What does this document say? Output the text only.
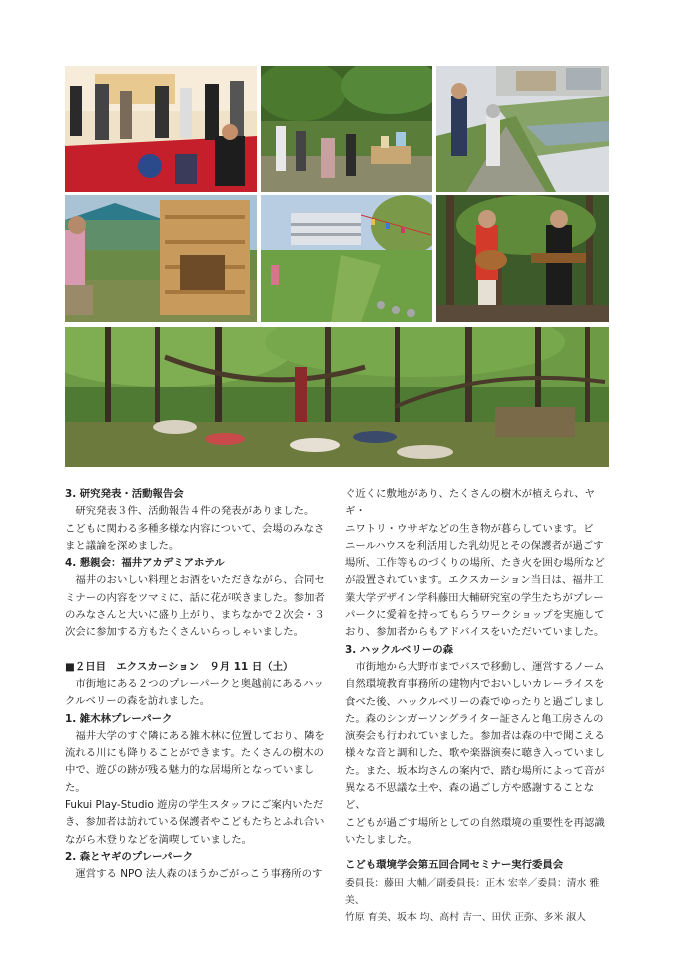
3. 研究発表・活動報告会

研究発表３件、活動報告４件の発表がありました。

こどもに関わる多種多様な内容について、会場のみなさ

まと議論を深めました。

4. 懇親会：福井アカデミアホテル

福井のおいしい料理とお酒をいただきながら、合同セ

ミナーの内容をツマミに、話に花が咲きました。参加者

のみなさんと大いに盛り上がり、まちなかで２次会・３

次会に参加する方もたくさんいらっしゃいました。

■２日目　エクスカーション　９月 11 日（土）

市街地にある２つのプレーパークと奥越前にあるハッ

クルベリーの森を訪れました。

1. 雑木林プレーパーク

福井大学のすぐ隣にある雑木林に位置しており、隣を

流れる川にも降りることができます。たくさんの樹木の

中で、遊びの跡が残る魅力的な居場所となっていました。

Fukui Play-Studio 遊房の学生スタッフにご案内いただ

き、参加者は訪れている保護者やこどもたちとふれ合い

ながら木登りなどを満喫していました。

2. 森とヤギのプレーパーク

運営する NPO 法人森のほうかごがっこう事務所のす

ぐ近くに敷地があり、たくさんの樹木が植えられ、ヤギ・

ニワトリ・ウサギなどの生き物が暮らしています。ビ

ニールハウスを利活用した乳幼児とその保護者が過ごす

場所、工作等ものづくりの場所、たき火を囲む場所など

が設置されています。エクスカーション当日は、福井工

業大学デザイン学科藤田大輔研究室の学生たちがプレー

パークに愛着を持ってもらうワークショップを実施して

おり、参加者からもアドバイスをいただいていました。

3. ハックルベリーの森

市街地から大野市までバスで移動し、運営するノーム

自然環境教育事務所の建物内でおいしいカレーライスを

食べた後、ハックルベリーの森でゆったりと過ごしまし

た。森のシンガーソングライター証さんと亀工房さんの

演奏会も行われていました。参加者は森の中で聞こえる

様々な音と調和した、歌や楽器演奏に聴き入っていまし

た。また、坂本均さんの案内で、踏む場所によって音が

異なる不思議な土や、森の過ごし方や感謝することなど、

こどもが過ごす場所としての自然環境の重要性を再認識

いたしました。

こども環境学会第五回合同セミナー実行委員会

委員長：藤田 大輔／副委員長：正木 宏幸／委員：清水 雅美、

竹原 育美、坂本 均、高村 吉一、田伏 正弥、多米 淑人
